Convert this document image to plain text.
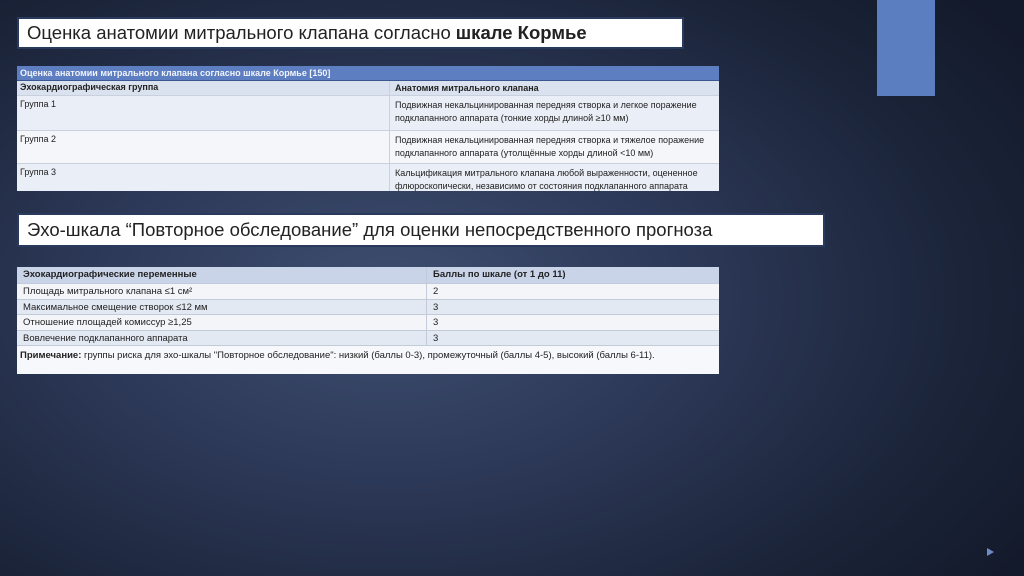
Оценка анатомии митрального клапана согласно шкале Кормье
Оценка анатомии митрального клапана согласно шкале Кормье [150]
Эхокардиографическая группа	Анатомия митрального клапана
Группа 1	Подвижная некальцинированная передняя створка и легкое поражение подклапанного аппарата (тонкие хорды длиной ≥10 мм)
Группа 2	Подвижная некальцинированная передняя створка и тяжелое поражение подклапанного аппарата (утолщённые хорды длиной <10 мм)
Группа 3	Кальцификация митрального клапана любой выраженности, оцененное флюроскопически, независимо от состояния подклапанного аппарата
Эхо-шкала “Повторное обследование” для оценки непосредственного прогноза
Эхокардиографические переменные	Баллы по шкале (от 1 до 11)
Площадь митрального клапана ≤1 см²	2
Максимальное смещение створок ≤12 мм	3
Отношение площадей комиссур ≥1,25	3
Вовлечение подклапанного аппарата	3
Примечание: группы риска для эхо-шкалы "Повторное обследование": низкий (баллы 0-3), промежуточный (баллы 4-5), высокий (баллы 6-11).
